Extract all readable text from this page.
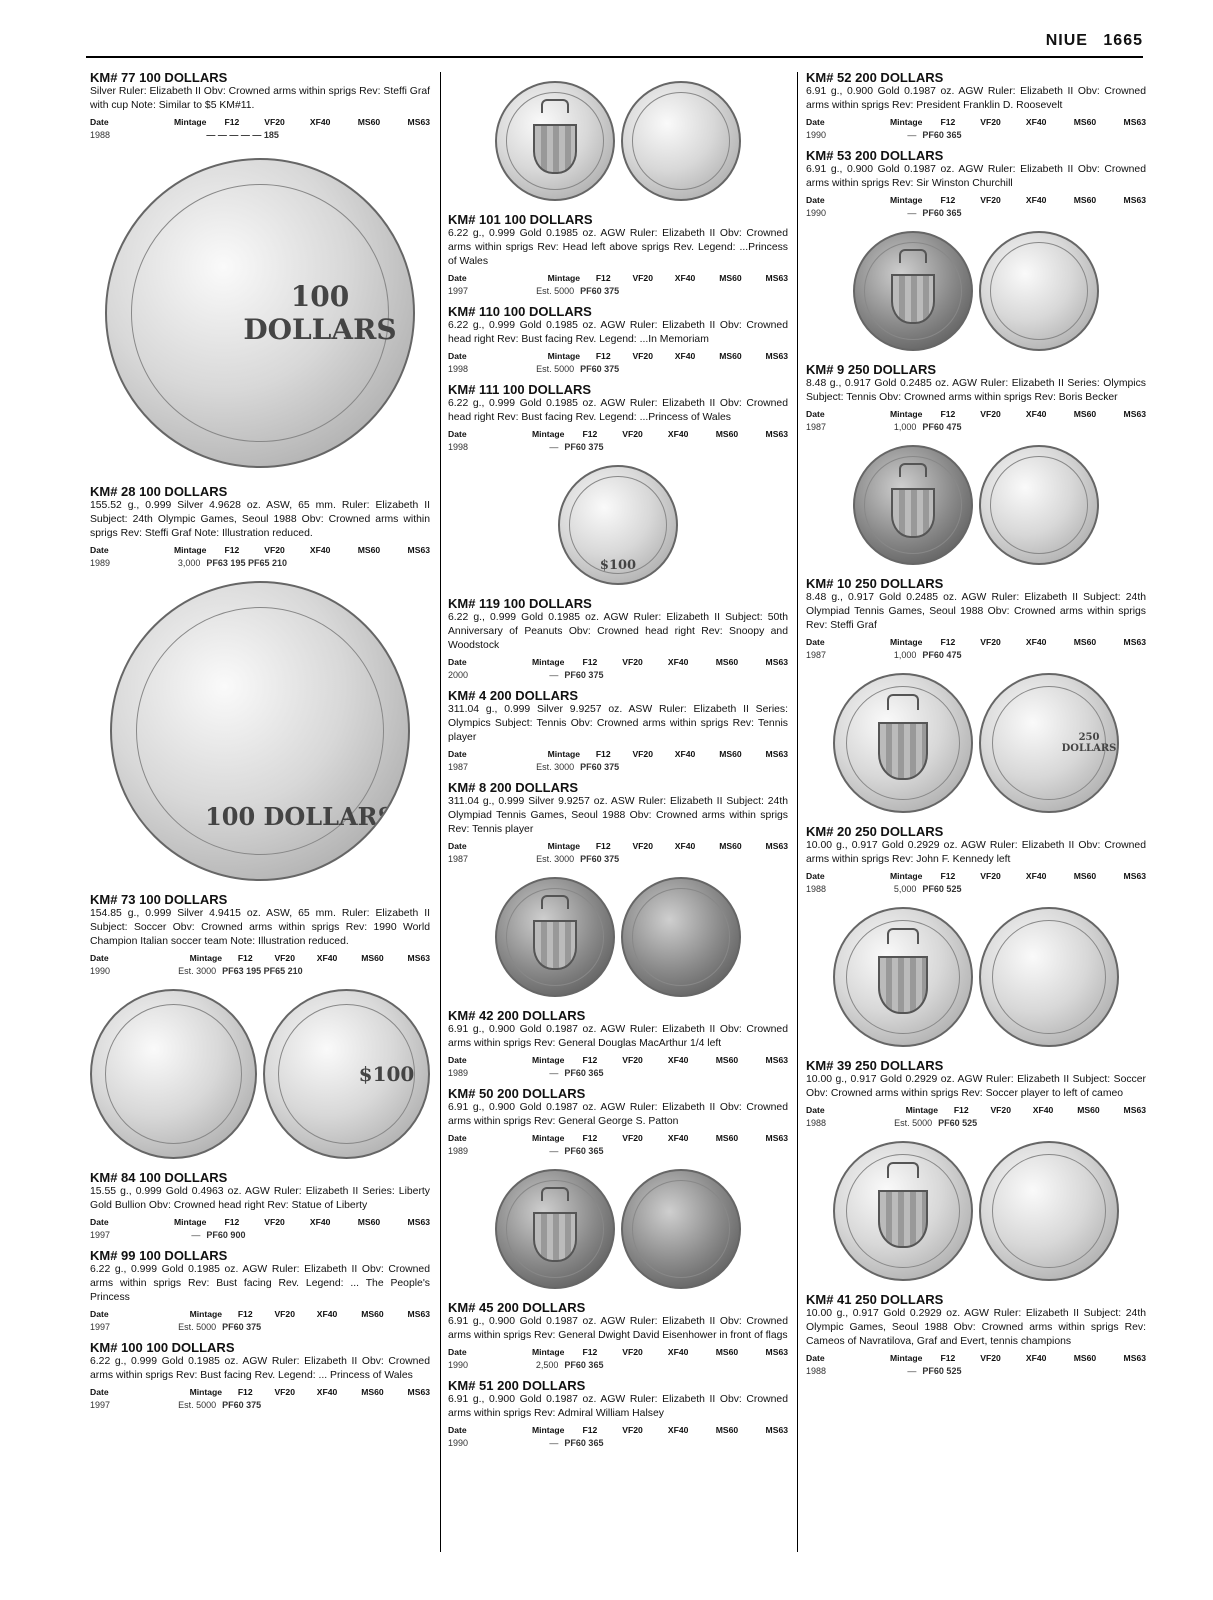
NIUE 1665
KM# 77 100 DOLLARS
Silver Ruler: Elizabeth II Obv: Crowned arms within sprigs Rev: Steffi Graf with cup Note: Similar to $5 KM#11.
Date	Mintage	F12	VF20	XF40	MS60	MS63
1988		— — — — — 185				
100 DOLLARS
KM# 28 100 DOLLARS
155.52 g., 0.999 Silver 4.9628 oz. ASW, 65 mm. Ruler: Elizabeth II Subject: 24th Olympic Games, Seoul 1988 Obv: Crowned arms within sprigs Rev: Steffi Graf Note: Illustration reduced.
Date	Mintage	F12	VF20	XF40	MS60	MS63
1989	3,000	PF63 195 PF65 210				
100 DOLLARS
KM# 73 100 DOLLARS
154.85 g., 0.999 Silver 4.9415 oz. ASW, 65 mm. Ruler: Elizabeth II Subject: Soccer Obv: Crowned arms within sprigs Rev: 1990 World Champion Italian soccer team Note: Illustration reduced.
Date	Mintage	F12	VF20	XF40	MS60	MS63
1990	Est. 3000	PF63 195 PF65 210				
$100
KM# 84 100 DOLLARS
15.55 g., 0.999 Gold 0.4963 oz. AGW Ruler: Elizabeth II Series: Liberty Gold Bullion Obv: Crowned head right Rev: Statue of Liberty
Date	Mintage	F12	VF20	XF40	MS60	MS63
1997	—	PF60 900				
KM# 99 100 DOLLARS
6.22 g., 0.999 Gold 0.1985 oz. AGW Ruler: Elizabeth II Obv: Crowned arms within sprigs Rev: Bust facing Rev. Legend: ... The People's Princess
Date	Mintage	F12	VF20	XF40	MS60	MS63
1997	Est. 5000	PF60 375				
KM# 100 100 DOLLARS
6.22 g., 0.999 Gold 0.1985 oz. AGW Ruler: Elizabeth II Obv: Crowned arms within sprigs Rev: Bust facing Rev. Legend: ... Princess of Wales
Date	Mintage	F12	VF20	XF40	MS60	MS63
1997	Est. 5000	PF60 375				
KM# 101 100 DOLLARS
6.22 g., 0.999 Gold 0.1985 oz. AGW Ruler: Elizabeth II Obv: Crowned arms within sprigs Rev: Head left above sprigs Rev. Legend: ...Princess of Wales
Date	Mintage	F12	VF20	XF40	MS60	MS63
1997	Est. 5000	PF60 375				
KM# 110 100 DOLLARS
6.22 g., 0.999 Gold 0.1985 oz. AGW Ruler: Elizabeth II Obv: Crowned head right Rev: Bust facing Rev. Legend: ...In Memoriam
Date	Mintage	F12	VF20	XF40	MS60	MS63
1998	Est. 5000	PF60 375				
KM# 111 100 DOLLARS
6.22 g., 0.999 Gold 0.1985 oz. AGW Ruler: Elizabeth II Obv: Crowned head right Rev: Bust facing Rev. Legend: ...Princess of Wales
Date	Mintage	F12	VF20	XF40	MS60	MS63
1998	—	PF60 375				
$100
KM# 119 100 DOLLARS
6.22 g., 0.999 Gold 0.1985 oz. AGW Ruler: Elizabeth II Subject: 50th Anniversary of Peanuts Obv: Crowned head right Rev: Snoopy and Woodstock
Date	Mintage	F12	VF20	XF40	MS60	MS63
2000	—	PF60 375				
KM# 4 200 DOLLARS
311.04 g., 0.999 Silver 9.9257 oz. ASW Ruler: Elizabeth II Series: Olympics Subject: Tennis Obv: Crowned arms within sprigs Rev: Tennis player
Date	Mintage	F12	VF20	XF40	MS60	MS63
1987	Est. 3000	PF60 375				
KM# 8 200 DOLLARS
311.04 g., 0.999 Silver 9.9257 oz. ASW Ruler: Elizabeth II Subject: 24th Olympiad Tennis Games, Seoul 1988 Obv: Crowned arms within sprigs Rev: Tennis player
Date	Mintage	F12	VF20	XF40	MS60	MS63
1987	Est. 3000	PF60 375				
KM# 42 200 DOLLARS
6.91 g., 0.900 Gold 0.1987 oz. AGW Ruler: Elizabeth II Obv: Crowned arms within sprigs Rev: General Douglas MacArthur 1/4 left
Date	Mintage	F12	VF20	XF40	MS60	MS63
1989	—	PF60 365				
KM# 50 200 DOLLARS
6.91 g., 0.900 Gold 0.1987 oz. AGW Ruler: Elizabeth II Obv: Crowned arms within sprigs Rev: General George S. Patton
Date	Mintage	F12	VF20	XF40	MS60	MS63
1989	—	PF60 365				
KM# 45 200 DOLLARS
6.91 g., 0.900 Gold 0.1987 oz. AGW Ruler: Elizabeth II Obv: Crowned arms within sprigs Rev: General Dwight David Eisenhower in front of flags
Date	Mintage	F12	VF20	XF40	MS60	MS63
1990	2,500	PF60 365				
KM# 51 200 DOLLARS
6.91 g., 0.900 Gold 0.1987 oz. AGW Ruler: Elizabeth II Obv: Crowned arms within sprigs Rev: Admiral William Halsey
Date	Mintage	F12	VF20	XF40	MS60	MS63
1990	—	PF60 365				
KM# 52 200 DOLLARS
6.91 g., 0.900 Gold 0.1987 oz. AGW Ruler: Elizabeth II Obv: Crowned arms within sprigs Rev: President Franklin D. Roosevelt
Date	Mintage	F12	VF20	XF40	MS60	MS63
1990	—	PF60 365				
KM# 53 200 DOLLARS
6.91 g., 0.900 Gold 0.1987 oz. AGW Ruler: Elizabeth II Obv: Crowned arms within sprigs Rev: Sir Winston Churchill
Date	Mintage	F12	VF20	XF40	MS60	MS63
1990	—	PF60 365				
KM# 9 250 DOLLARS
8.48 g., 0.917 Gold 0.2485 oz. AGW Ruler: Elizabeth II Series: Olympics Subject: Tennis Obv: Crowned arms within sprigs Rev: Boris Becker
Date	Mintage	F12	VF20	XF40	MS60	MS63
1987	1,000	PF60 475				
KM# 10 250 DOLLARS
8.48 g., 0.917 Gold 0.2485 oz. AGW Ruler: Elizabeth II Subject: 24th Olympiad Tennis Games, Seoul 1988 Obv: Crowned arms within sprigs Rev: Steffi Graf
Date	Mintage	F12	VF20	XF40	MS60	MS63
1987	1,000	PF60 475				
250 DOLLARS
KM# 20 250 DOLLARS
10.00 g., 0.917 Gold 0.2929 oz. AGW Ruler: Elizabeth II Obv: Crowned arms within sprigs Rev: John F. Kennedy left
Date	Mintage	F12	VF20	XF40	MS60	MS63
1988	5,000	PF60 525				
KM# 39 250 DOLLARS
10.00 g., 0.917 Gold 0.2929 oz. AGW Ruler: Elizabeth II Subject: Soccer Obv: Crowned arms within sprigs Rev: Soccer player to left of cameo
Date	Mintage	F12	VF20	XF40	MS60	MS63
1988	Est. 5000	PF60 525				
KM# 41 250 DOLLARS
10.00 g., 0.917 Gold 0.2929 oz. AGW Ruler: Elizabeth II Subject: 24th Olympic Games, Seoul 1988 Obv: Crowned arms within sprigs Rev: Cameos of Navratilova, Graf and Evert, tennis champions
Date	Mintage	F12	VF20	XF40	MS60	MS63
1988	—	PF60 525				
